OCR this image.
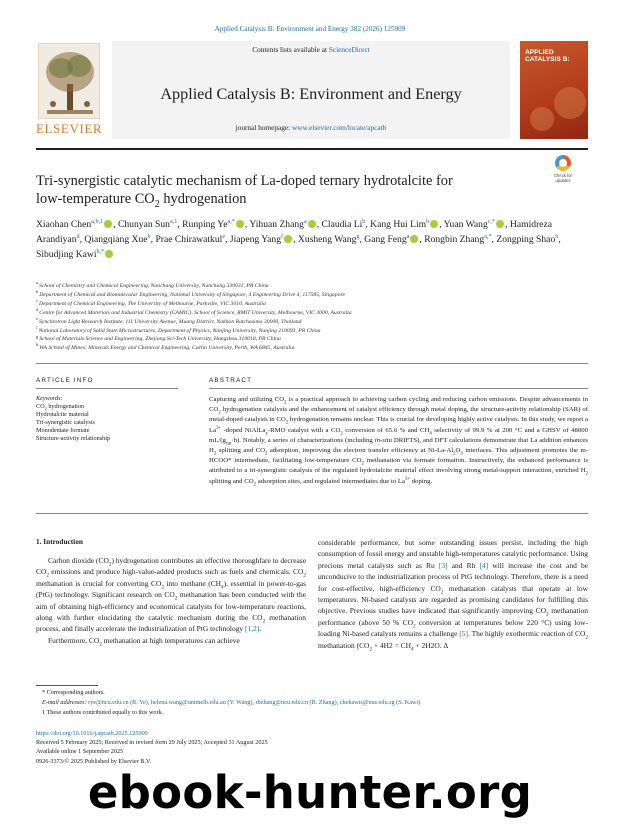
Applied Catalysis B: Environment and Energy 382 (2026) 125909
ELSEVIER
Contents lists available at ScienceDirect
Applied Catalysis B: Environment and Energy
journal homepage: www.elsevier.com/locate/apcatb
APPLIED CATALYSIS B:
Tri-synergistic catalytic mechanism of La-doped ternary hydrotalcite for
low-temperature $CO_2$ hydrogenation
Check for updates
Xiaohan Chen$^{a,b,1}$ , Chunyan Sun$^{a,1}$, Runping Ye$^{a,*}$ , Yihuan Zhang$^a$ , Claudia Li$^b$, Kang Hui Lim$^b$ , Yuan Wang$^{c,*}$ , Hamidreza Arandiyan$^d$, Qiangqiang Xue$^b$, Prae Chirawatkul$^e$, Jiapeng Yang$^f$ , Xusheng Wang$^g$, Gang Feng$^a$ , Rongbin Zhang$^{a,*}$, Zongping Shao$^h$, Sibudjing Kawi$^{b,*}$
$^a$School of Chemistry and Chemical Engineering, Nanchang University, Nanchang 330031, PR China
$^b$Department of Chemical and Biomolecular Engineering, National University of Singapore, 4 Engineering Drive 4, 117585, Singapore
$^c$Department of Chemical Engineering, The University of Melbourne, Parkville, VIC 3010, Australia
$^d$Centre for Advanced Materials and Industrial Chemistry (CAMIC), School of Science, RMIT University, Melbourne, VIC 3000, Australia
$^e$Synchrotron Light Research Institute, 111 University Avenue, Muang District, Nakhon Ratchasima 30000, Thailand
$^f$National Laboratory of Solid State Microstructures, Department of Physics, Nanjing University, Nanjing 210093, PR China
$^g$School of Materials Science and Engineering, Zhejiang Sci-Tech University, Hangzhou 310018, PR China
$^h$WA School of Mines: Minerals Energy and Chemical Engineering, Curtin University, Perth, WA 6845, Australia
ARTICLE INFO	ABSTRACT
Keywords:
$CO_2$ hydrogenation
Hydrotalcite material
Tri-synergistic catalysis
Monodentate formate
Structure-activity relationship
Capturing and utilizing $CO_2$ is a practical approach to achieving carbon cycling and reducing carbon emissions. Despite advancements in $CO_2$ hydrogenation catalysts and the enhancement of catalyst efficiency through metal doping, the structure-activity relationship (SAR) of metal-doped catalysts in $CO_2$ hydrogenation remains unclear. This is crucial for developing highly active catalysts. In this study, we report a $La^{3+}$ -doped NiAlLa$_y$-RMO catalyst with a $CO_2$ conversion of 65.6 % and $CH_4$ selectivity of 99.9 % at 200 °C and a GHSV of 48000 $mL/(g_{cat}\cdot h)$. Notably, a series of characterizations (including in-situ DRIFTS), and DFT calculations demonstrate that La addition enhances $H_2$ splitting and $CO_2$ adsorption, improving the electron transfer efficiency at $Ni-La-Al_2O_3$ interfaces. This adjustment promotes the m-HCOO* intermediate, facilitating low-temperature $CO_2$ methanation via formate formation. Instructively, the enhanced performance is attributed to a tri-synergistic catalysis of the regulated hydrotalcite material effect involving strong metal-support interaction, enriched $H_2$ splitting and $CO_2$ adsorption sites, and regulated intermediates due to $La^{3+}$ doping.
1. Introduction

Carbon dioxide $(CO_2)$ hydrogenation contributes an effective thoroughfare to decrease $CO_2$ emissions and produce high-value-added products such as fuels and chemicals. $CO_2$ methanation is crucial for converting $CO_2$ into methane $(CH_4)$, essential in power-to-gas (PtG) technology. Significant research on $CO_2$ methanation has been conducted with the aim of obtaining high-efficiency and economical catalysts for low-temperature reactions, along with further elucidating the catalytic mechanism during the $CO_2$ methanation process, and finally accelerate the industrialization of PtG technology [1,2].

Furthermore, $CO_2$ methanation at high temperatures can achieve

considerable performance, but some outstanding issues persist, including the high consumption of fossil energy and unstable high-temperatures catalytic performance. Using precious metal catalysts such as Ru [3] and Rh [4] will increase the cost and be unconducive to the industrialization process of PtG technology. Therefore, there is a need for cost-effective, high-efficiency $CO_2$ methanation catalysts that operate at low temperatures. Ni-based catalysts are regarded as promising candidates for fulfilling this objective. Previous studies have indicated that significantly improving $CO_2$ methanation performance (above 50 % $CO_2$ conversion at temperatures below 220 °C) using low-loading Ni-based catalysts remains a challenge [5]. The highly exothermic reaction of $CO_2$ methanation ($CO_2 + 4H2 = CH_4 + 2H2O$. Δ

* Corresponding authors.
E-mail addresses: rye@ncu.edu.cn (R. Ye), helena.wang@unimelb.edu.au (Y. Wang), rbzhang@ncu.edu.cn (R. Zhang), chekawis@nus.edu.sg (S. Kawi).
1 These authors contributed equally to this work.
https://doi.org/10.1016/j.apcatb.2025.125909
Received 5 February 2025; Received in revised form 29 July 2025; Accepted 31 August 2025
Available online 1 September 2025
0926-3373/© 2025 Published by Elsevier B.V.
ebook-hunter.org
